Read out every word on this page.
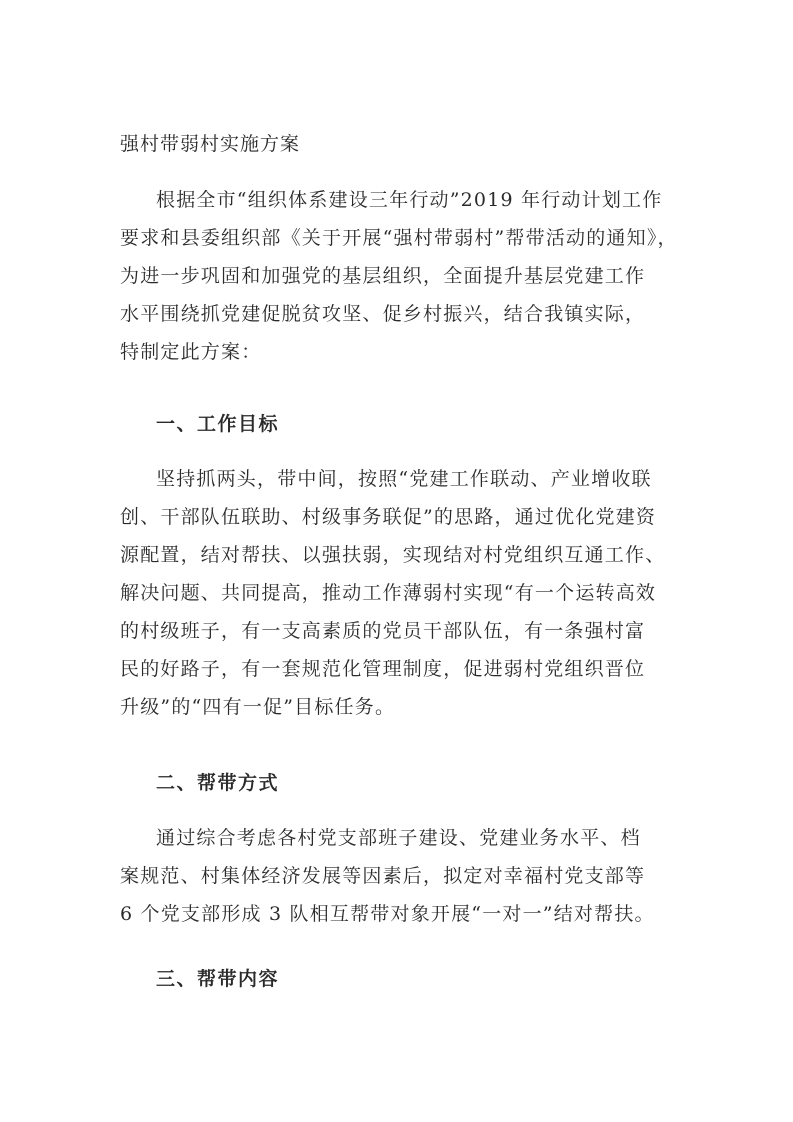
强村带弱村实施方案
根据全市“组织体系建设三年行动”2019 年行动计划工作
要求和县委组织部《关于开展“强村带弱村”帮带活动的通知》，
为进一步巩固和加强党的基层组织，全面提升基层党建工作
水平围绕抓党建促脱贫攻坚、促乡村振兴，结合我镇实际，
特制定此方案：
一、工作目标
坚持抓两头，带中间，按照“党建工作联动、产业增收联
创、干部队伍联助、村级事务联促”的思路，通过优化党建资
源配置，结对帮扶、以强扶弱，实现结对村党组织互通工作、
解决问题、共同提高，推动工作薄弱村实现“有一个运转高效
的村级班子，有一支高素质的党员干部队伍，有一条强村富
民的好路子，有一套规范化管理制度，促进弱村党组织晋位
升级”的“四有一促”目标任务。
二、帮带方式
通过综合考虑各村党支部班子建设、党建业务水平、档
案规范、村集体经济发展等因素后，拟定对幸福村党支部等
6 个党支部形成 3 队相互帮带对象开展“一对一”结对帮扶。
三、帮带内容
